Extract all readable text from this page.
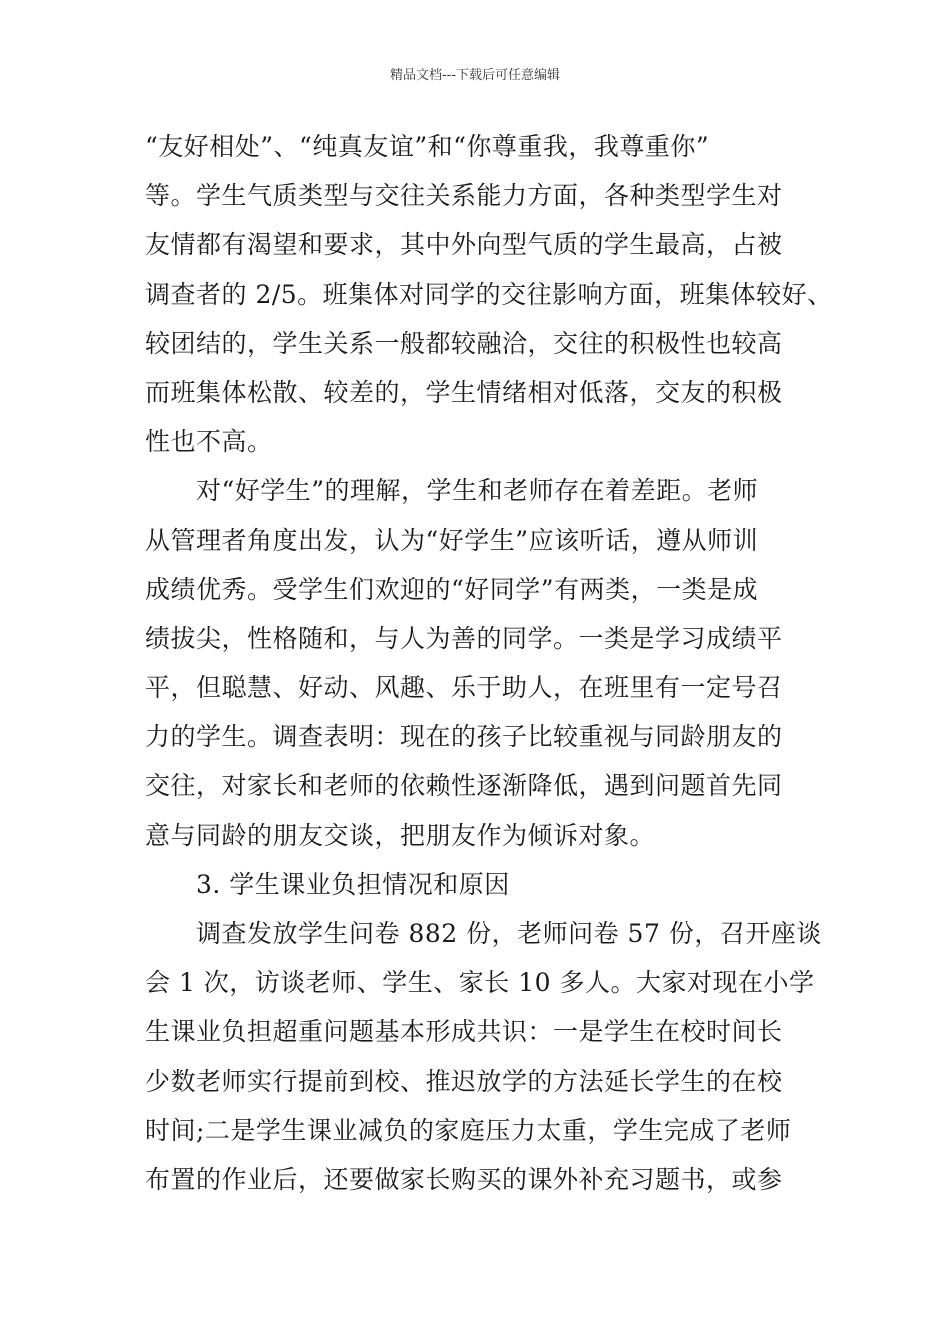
精品文档---下载后可任意编辑
“友好相处”、“纯真友谊”和“你尊重我，我尊重你”
等。学生气质类型与交往关系能力方面，各种类型学生对
友情都有渴望和要求，其中外向型气质的学生最高，占被
调查者的 2/5。班集体对同学的交往影响方面，班集体较好、
较团结的，学生关系一般都较融洽，交往的积极性也较高
而班集体松散、较差的，学生情绪相对低落，交友的积极
性也不高。
　　对“好学生”的理解，学生和老师存在着差距。老师
从管理者角度出发，认为“好学生”应该听话，遵从师训
成绩优秀。受学生们欢迎的“好同学”有两类，一类是成
绩拔尖，性格随和，与人为善的同学。一类是学习成绩平
平，但聪慧、好动、风趣、乐于助人，在班里有一定号召
力的学生。调查表明：现在的孩子比较重视与同龄朋友的
交往，对家长和老师的依赖性逐渐降低，遇到问题首先同
意与同龄的朋友交谈，把朋友作为倾诉对象。
　　3. 学生课业负担情况和原因
　　调查发放学生问卷 882 份，老师问卷 57 份，召开座谈
会 1 次，访谈老师、学生、家长 10 多人。大家对现在小学
生课业负担超重问题基本形成共识：一是学生在校时间长
少数老师实行提前到校、推迟放学的方法延长学生的在校
时间;二是学生课业减负的家庭压力太重，学生完成了老师
布置的作业后，还要做家长购买的课外补充习题书，或参
